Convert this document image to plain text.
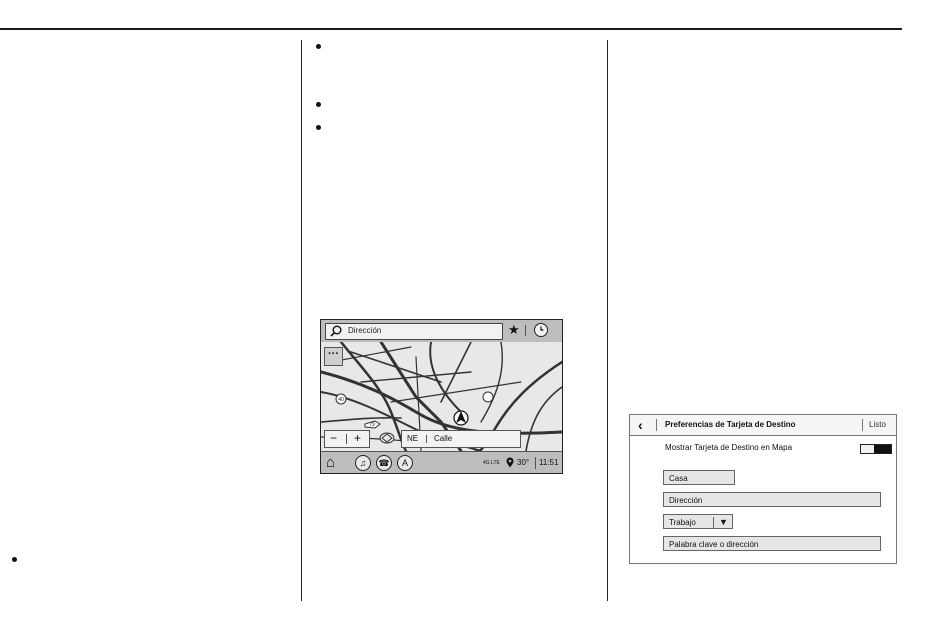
40
79
Dirección	★
···
− +	NE Calle
⌂	♫	☎	A	4G LTE 30° 11:51
‹	Preferencias de Tarjeta de Destino	Listo
Mostrar Tarjeta de Destino en Mapa
Casa
Dirección
Trabajo	▼
Palabra clave o dirección
